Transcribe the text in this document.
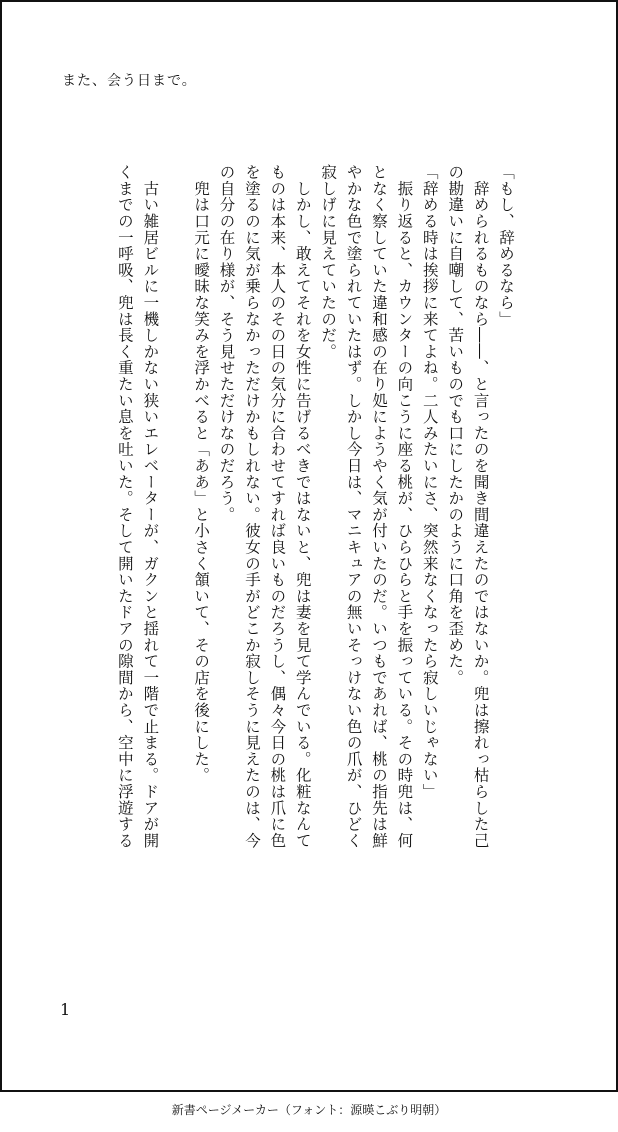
また、会う日まで。

「もし、辞めるなら」

　辞められるものなら――、と言ったのを聞き間違えたのではないか。兜は擦れっ枯らした己

の勘違いに自嘲して、苦いものでも口にしたかのように口角を歪めた。

「辞める時は挨拶に来てよね。二人みたいにさ、突然来なくなったら寂しいじゃない」

　振り返ると、カウンターの向こうに座る桃が、ひらひらと手を振っている。その時兜は、何

となく察していた違和感の在り処にようやく気が付いたのだ。いつもであれば、桃の指先は鮮

やかな色で塗られていたはず。しかし今日は、マニキュアの無いそっけない色の爪が、ひどく

寂しげに見えていたのだ。

　しかし、敢えてそれを女性に告げるべきではないと、兜は妻を見て学んでいる。化粧なんて

ものは本来、本人のその日の気分に合わせてすれば良いものだろうし、偶々今日の桃は爪に色

を塗るのに気が乗らなかっただけかもしれない。彼女の手がどこか寂しそうに見えたのは、今

の自分の在り様が、そう見せただけなのだろう。

　兜は口元に曖昧な笑みを浮かべると「ああ」と小さく頷いて、その店を後にした。

　古い雑居ビルに一機しかない狭いエレベーターが、ガクンと揺れて一階で止まる。ドアが開

くまでの一呼吸、兜は長く重たい息を吐いた。そして開いたドアの隙間から、空中に浮遊する

1
新書ページメーカー（フォント：源暎こぶり明朝）
